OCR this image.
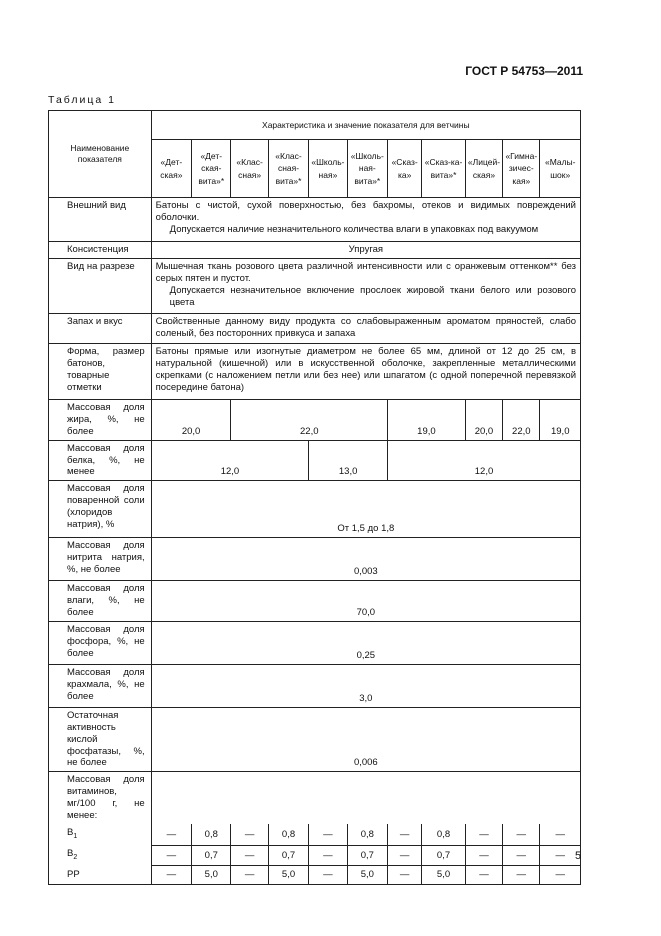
ГОСТ Р 54753—2011
Таблица 1
Наименование показателя	Характеристика и значение показателя для ветчины										
	«Дет-ская»	«Дет-ская-вита»*	«Клас-сная»	«Клас-сная-вита»*	«Школь-ная»	«Школь-ная-вита»*	«Сказ-ка»	«Сказ-ка-вита»*	«Лицей-ская»	«Гимна-зичес-кая»	«Малы-шок»
Внешний вид	Батоны с чистой, сухой поверхностью, без бахромы, отеков и видимых повреждений оболочки.
Допускается наличие незначительного количества влаги в упаковках под вакуумом										

Консистенция	Упругая										
Вид на разрезе	Мышечная ткань розового цвета различной интенсивности или с оранжевым оттенком** без серых пятен и пустот.
Допускается незначительное включение прослоек жировой ткани белого или розового цвета										

Запах и вкус	Свойственные данному виду продукта со слабовыраженным ароматом пряностей, слабо соленый, без посторонних привкуса и запаха										
Форма, размер батонов, товарные отметки	Батоны прямые или изогнутые диаметром не более 65 мм, длиной от 12 до 25 см, в натуральной (кишечной) или в искусственной оболочке, закрепленные металлическими скрепками (с наложением петли или без нее) или шпагатом (с одной поперечной перевязкой посередине батона)										
Массовая доля жира, %, не более	20,0		22,0				19,0		20,0	22,0	19,0
Массовая доля белка, %, не менее	12,0				13,0		12,0				
Массовая доля поваренной соли (хлоридов натрия), %	От 1,5 до 1,8										
Массовая доля нитрита натрия, %, не более	0,003										
Массовая доля влаги, %, не более	70,0										
Массовая доля фосфора, %, не более	0,25										
Массовая доля крахмала, %, не более	3,0										
Остаточная активность кислой фосфатазы, %, не более	0,006										
Массовая доля витаминов, мг/100 г, не менее:											
$B_1$	—	0,8	—	0,8	—	0,8	—	0,8	—	—	—
$B_2$	—	0,7	—	0,7	—	0,7	—	0,7	—	—	—
PP	—	5,0	—	5,0	—	5,0	—	5,0	—	—	—
5
